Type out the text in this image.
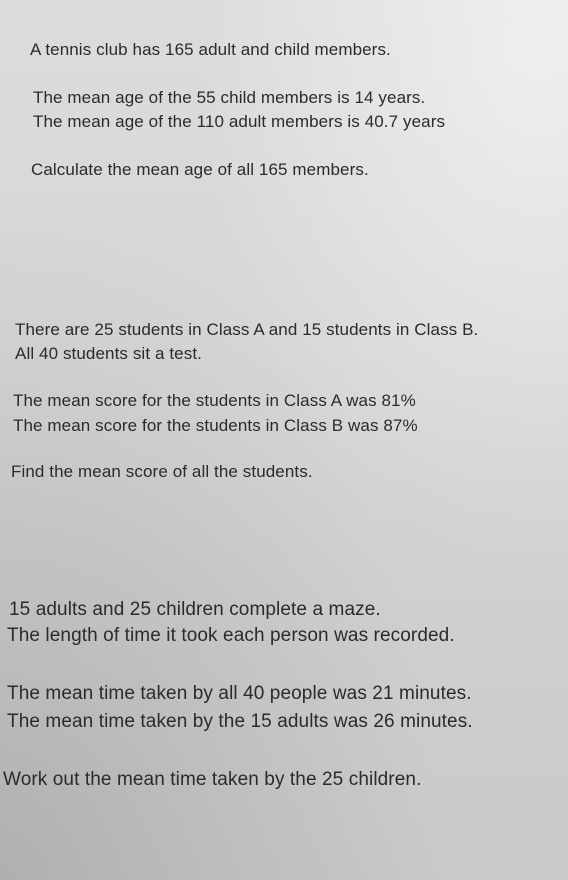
A tennis club has 165 adult and child members.
The mean age of the 55 child members is 14 years.
The mean age of the 110 adult members is 40.7 years
Calculate the mean age of all 165 members.
There are 25 students in Class A and 15 students in Class B.
All 40 students sit a test.
The mean score for the students in Class A was 81%
The mean score for the students in Class B was 87%
Find the mean score of all the students.
15 adults and 25 children complete a maze.
The length of time it took each person was recorded.
The mean time taken by all 40 people was 21 minutes.
The mean time taken by the 15 adults was 26 minutes.
Work out the mean time taken by the 25 children.
